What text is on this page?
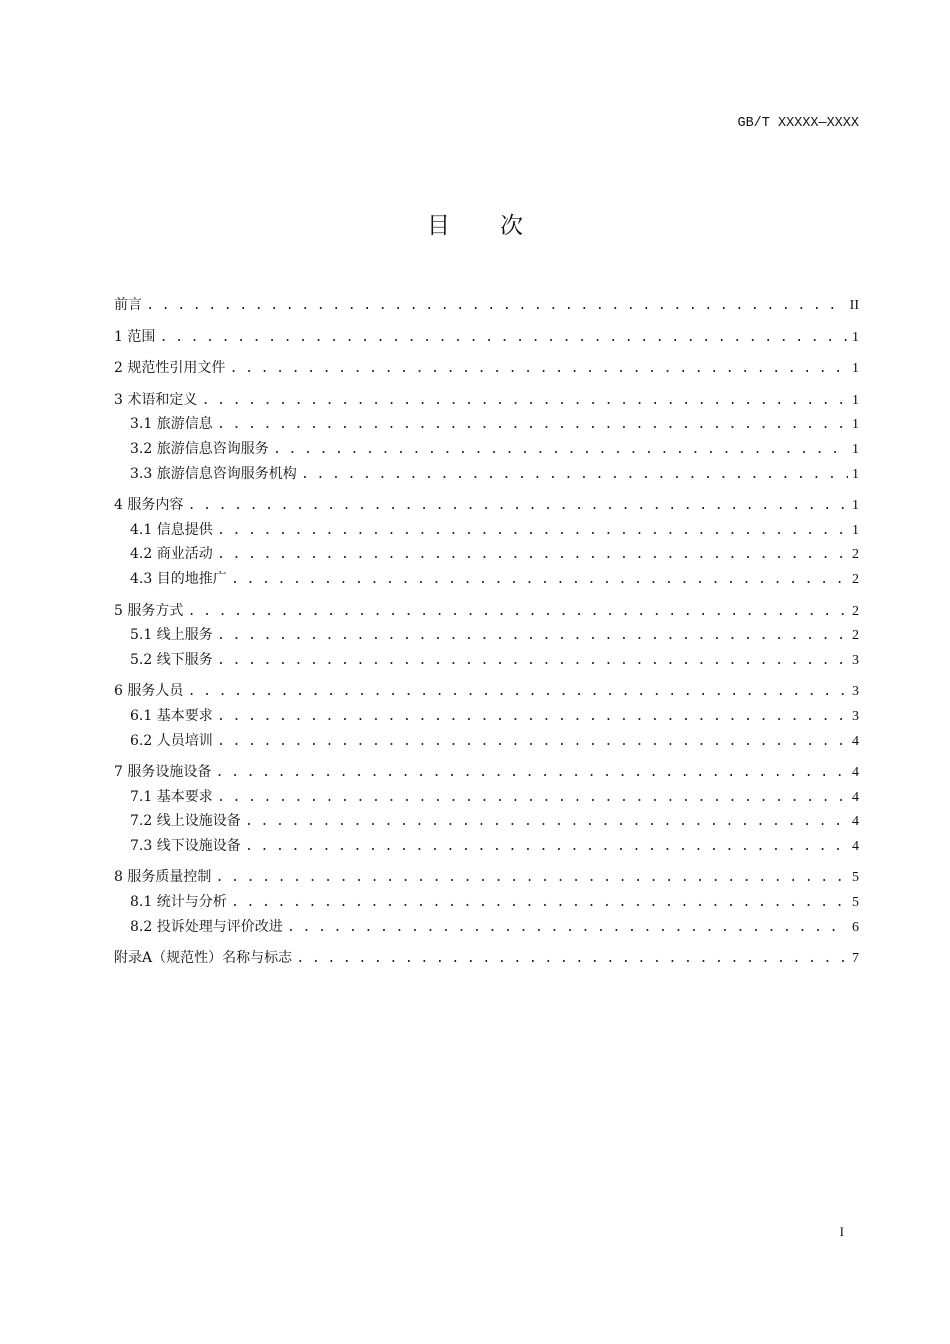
GB/T XXXXX—XXXX
目次
前言 . . .	II
1 范围 . . .	1
2 规范性引用文件 . . .	1
3 术语和定义 . . .	1
3.1 旅游信息 . . .	1
3.2 旅游信息咨询服务 . . .	1
3.3 旅游信息咨询服务机构 . . .	1
4 服务内容 . . .	1
4.1 信息提供 . . .	1
4.2 商业活动 . . .	2
4.3 目的地推广 . . .	2
5 服务方式 . . .	2
5.1 线上服务 . . .	2
5.2 线下服务 . . .	3
6 服务人员 . . .	3
6.1 基本要求 . . .	3
6.2 人员培训 . . .	4
7 服务设施设备 . . .	4
7.1 基本要求 . . .	4
7.2 线上设施设备 . . .	4
7.3 线下设施设备 . . .	4
8 服务质量控制 . . .	5
8.1 统计与分析 . . .	5
8.2 投诉处理与评价改进 . . .	6
附录A（规范性）名称与标志 . . .	7
I
